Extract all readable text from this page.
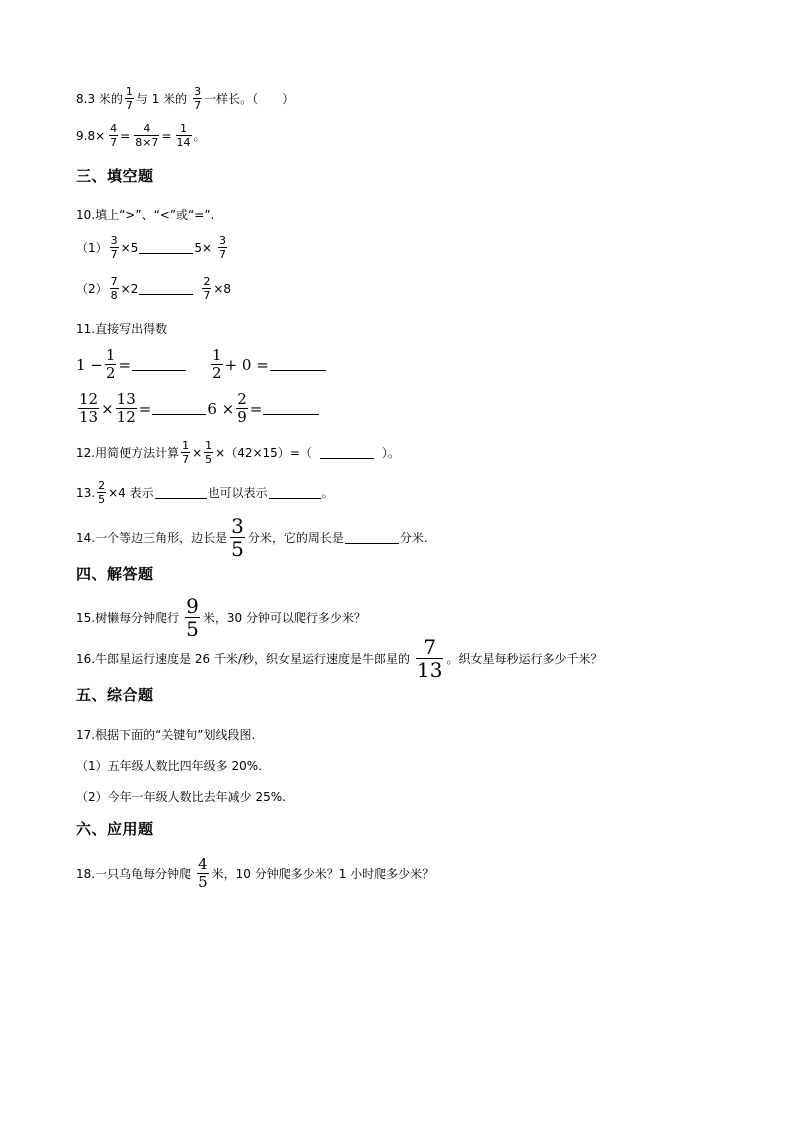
8. 3 米的 $\frac{1}{7}$ 与 1 米的 $\frac{3}{7}$ 一样长。（ ）
9. $8\times \frac{4}{7} = \frac{4}{8\times 7} = \frac{1}{14}$ 。
三、填空题
10.填上“>”、“<”或“=”.
$(1) \frac{3}{7} \times 5$	$5\times \frac{3}{7}$
$(2) \frac{7}{8} \times 2$	$\frac{2}{7} \times 8$
11.直接写出得数
$1 - \frac{1}{2}$ =	$\frac{1}{2} + 0$ =
$\frac{12}{13} \times \frac{13}{12}$ =	$6 \times \frac{2}{9}$ =
12. 用简便方法计算 $\frac{1}{7} \times \frac{1}{5} \times(42\times 15)=$（	）。
13. $\frac{2}{5} \times 4$ 表示	也可以表示	。
14.一个等边三角形，边长是 $\frac{3}{5}$ 分米，它的周长是	分米.
四、解答题
15.树懒每分钟爬行 $\frac{9}{5}$ 米，30 分钟可以爬行多少米？
16.牛郎星运行速度是 26 千米/秒，织女星运行速度是牛郎星的 $\frac{7}{13}$ 。织女星每秒运行多少千米？
五、综合题
17.根据下面的“关键句”划线段图.
（1）五年级人数比四年级多 20%.
（2）今年一年级人数比去年减少 25%.
六、应用题
18.一只乌龟每分钟爬 $\frac{4}{5}$ 米，10 分钟爬多少米？1 小时爬多少米？
